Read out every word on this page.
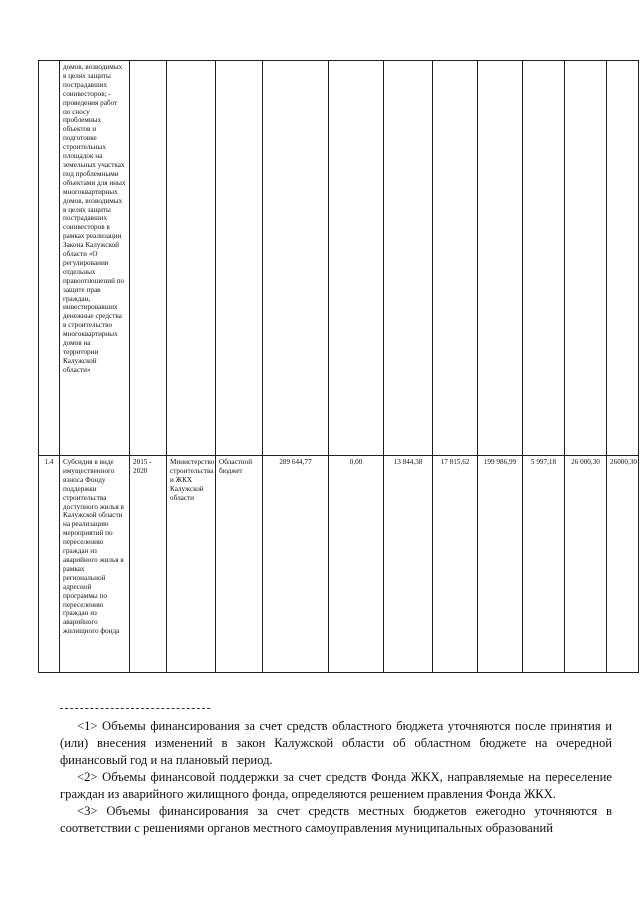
	домов, возводимых в целях защиты пострадавших соинвесторов; - проведения работ по сносу проблемных объектов и подготовке строительных площадок на земельных участках под проблемными объектами для иных многоквартирных домов, возводимых в целях защиты пострадавших соинвесторов в рамках реализации Закона Калужской области «О регулировании отдельных правоотношений по защите прав граждан, инвестировавших денежные средства в строительство многоквартирных домов на территории Калужской области»											
1.4	Субсидия в виде имущественного взноса Фонду поддержки строительства доступного жилья в Калужской области на реализацию мероприятий по переселению граждан из аварийного жилья в рамках региональной адресной программы по переселению граждан из аварийного жилищного фонда	2015 - 2020	Министерство строительства и ЖКХ Калужской области	Областной бюджет	289 644,77	0,00	13 844,38	17 815,62	199 986,99	5 997,18	26 000,30	26000,30

<1> Объемы финансирования за счет средств областного бюджета уточняются после принятия и (или) внесения изменений в закон Калужской области об областном бюджете на очередной финансовый год и на плановый период.

<2> Объемы финансовой поддержки за счет средств Фонда ЖКХ, направляемые на переселение граждан из аварийного жилищного фонда, определяются решением правления Фонда ЖКХ.

<3> Объемы финансирования за счет средств местных бюджетов ежегодно уточняются в соответствии с решениями органов местного самоуправления муниципальных образований
